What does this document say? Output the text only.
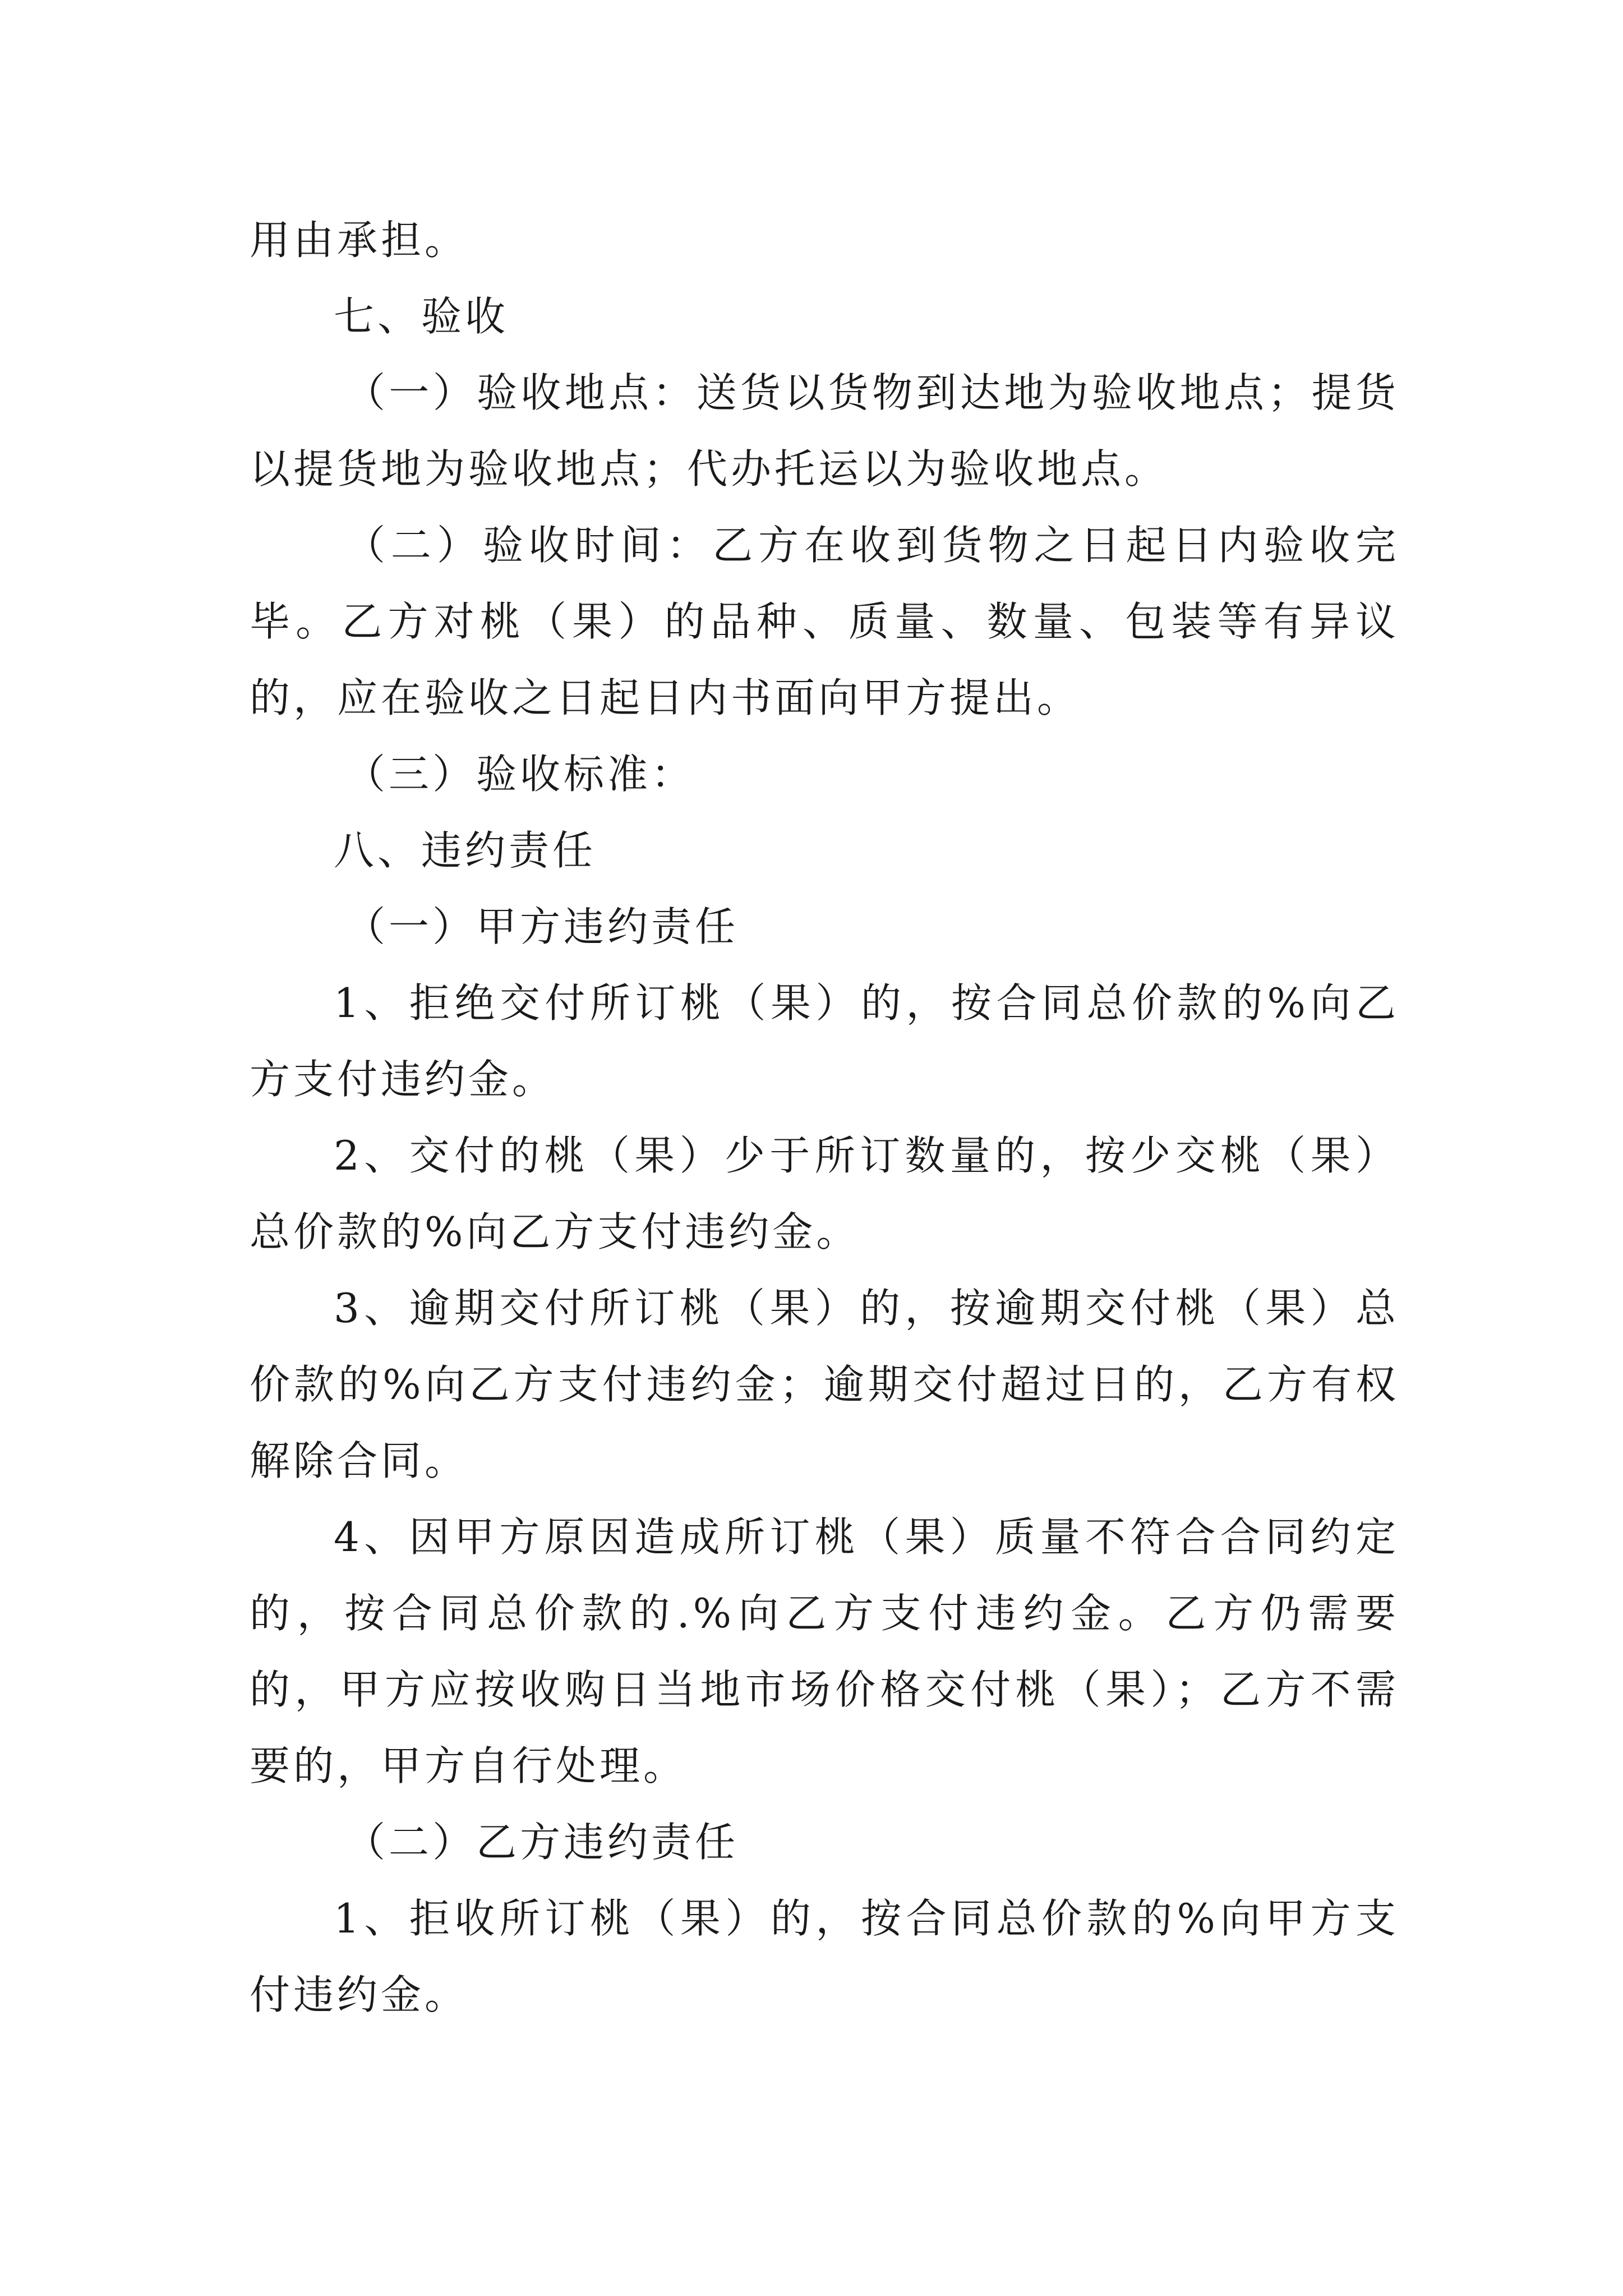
用由承担。

七、验收

（一）验收地点：送货以货物到达地为验收地点；提货以提货地为验收地点；代办托运以为验收地点。

（二）验收时间：乙方在收到货物之日起日内验收完毕。乙方对桃（果）的品种、质量、数量、包装等有异议的，应在验收之日起日内书面向甲方提出。

（三）验收标准：

八、违约责任

（一）甲方违约责任

1、拒绝交付所订桃（果）的，按合同总价款的%向乙方支付违约金。

2、交付的桃（果）少于所订数量的，按少交桃（果）总价款的%向乙方支付违约金。

3、逾期交付所订桃（果）的，按逾期交付桃（果）总价款的%向乙方支付违约金；逾期交付超过日的，乙方有权解除合同。

4、因甲方原因造成所订桃（果）质量不符合合同约定的，按合同总价款的.%向乙方支付违约金。乙方仍需要的，甲方应按收购日当地市场价格交付桃（果）；乙方不需要的，甲方自行处理。

（二）乙方违约责任

1、拒收所订桃（果）的，按合同总价款的%向甲方支付违约金。
